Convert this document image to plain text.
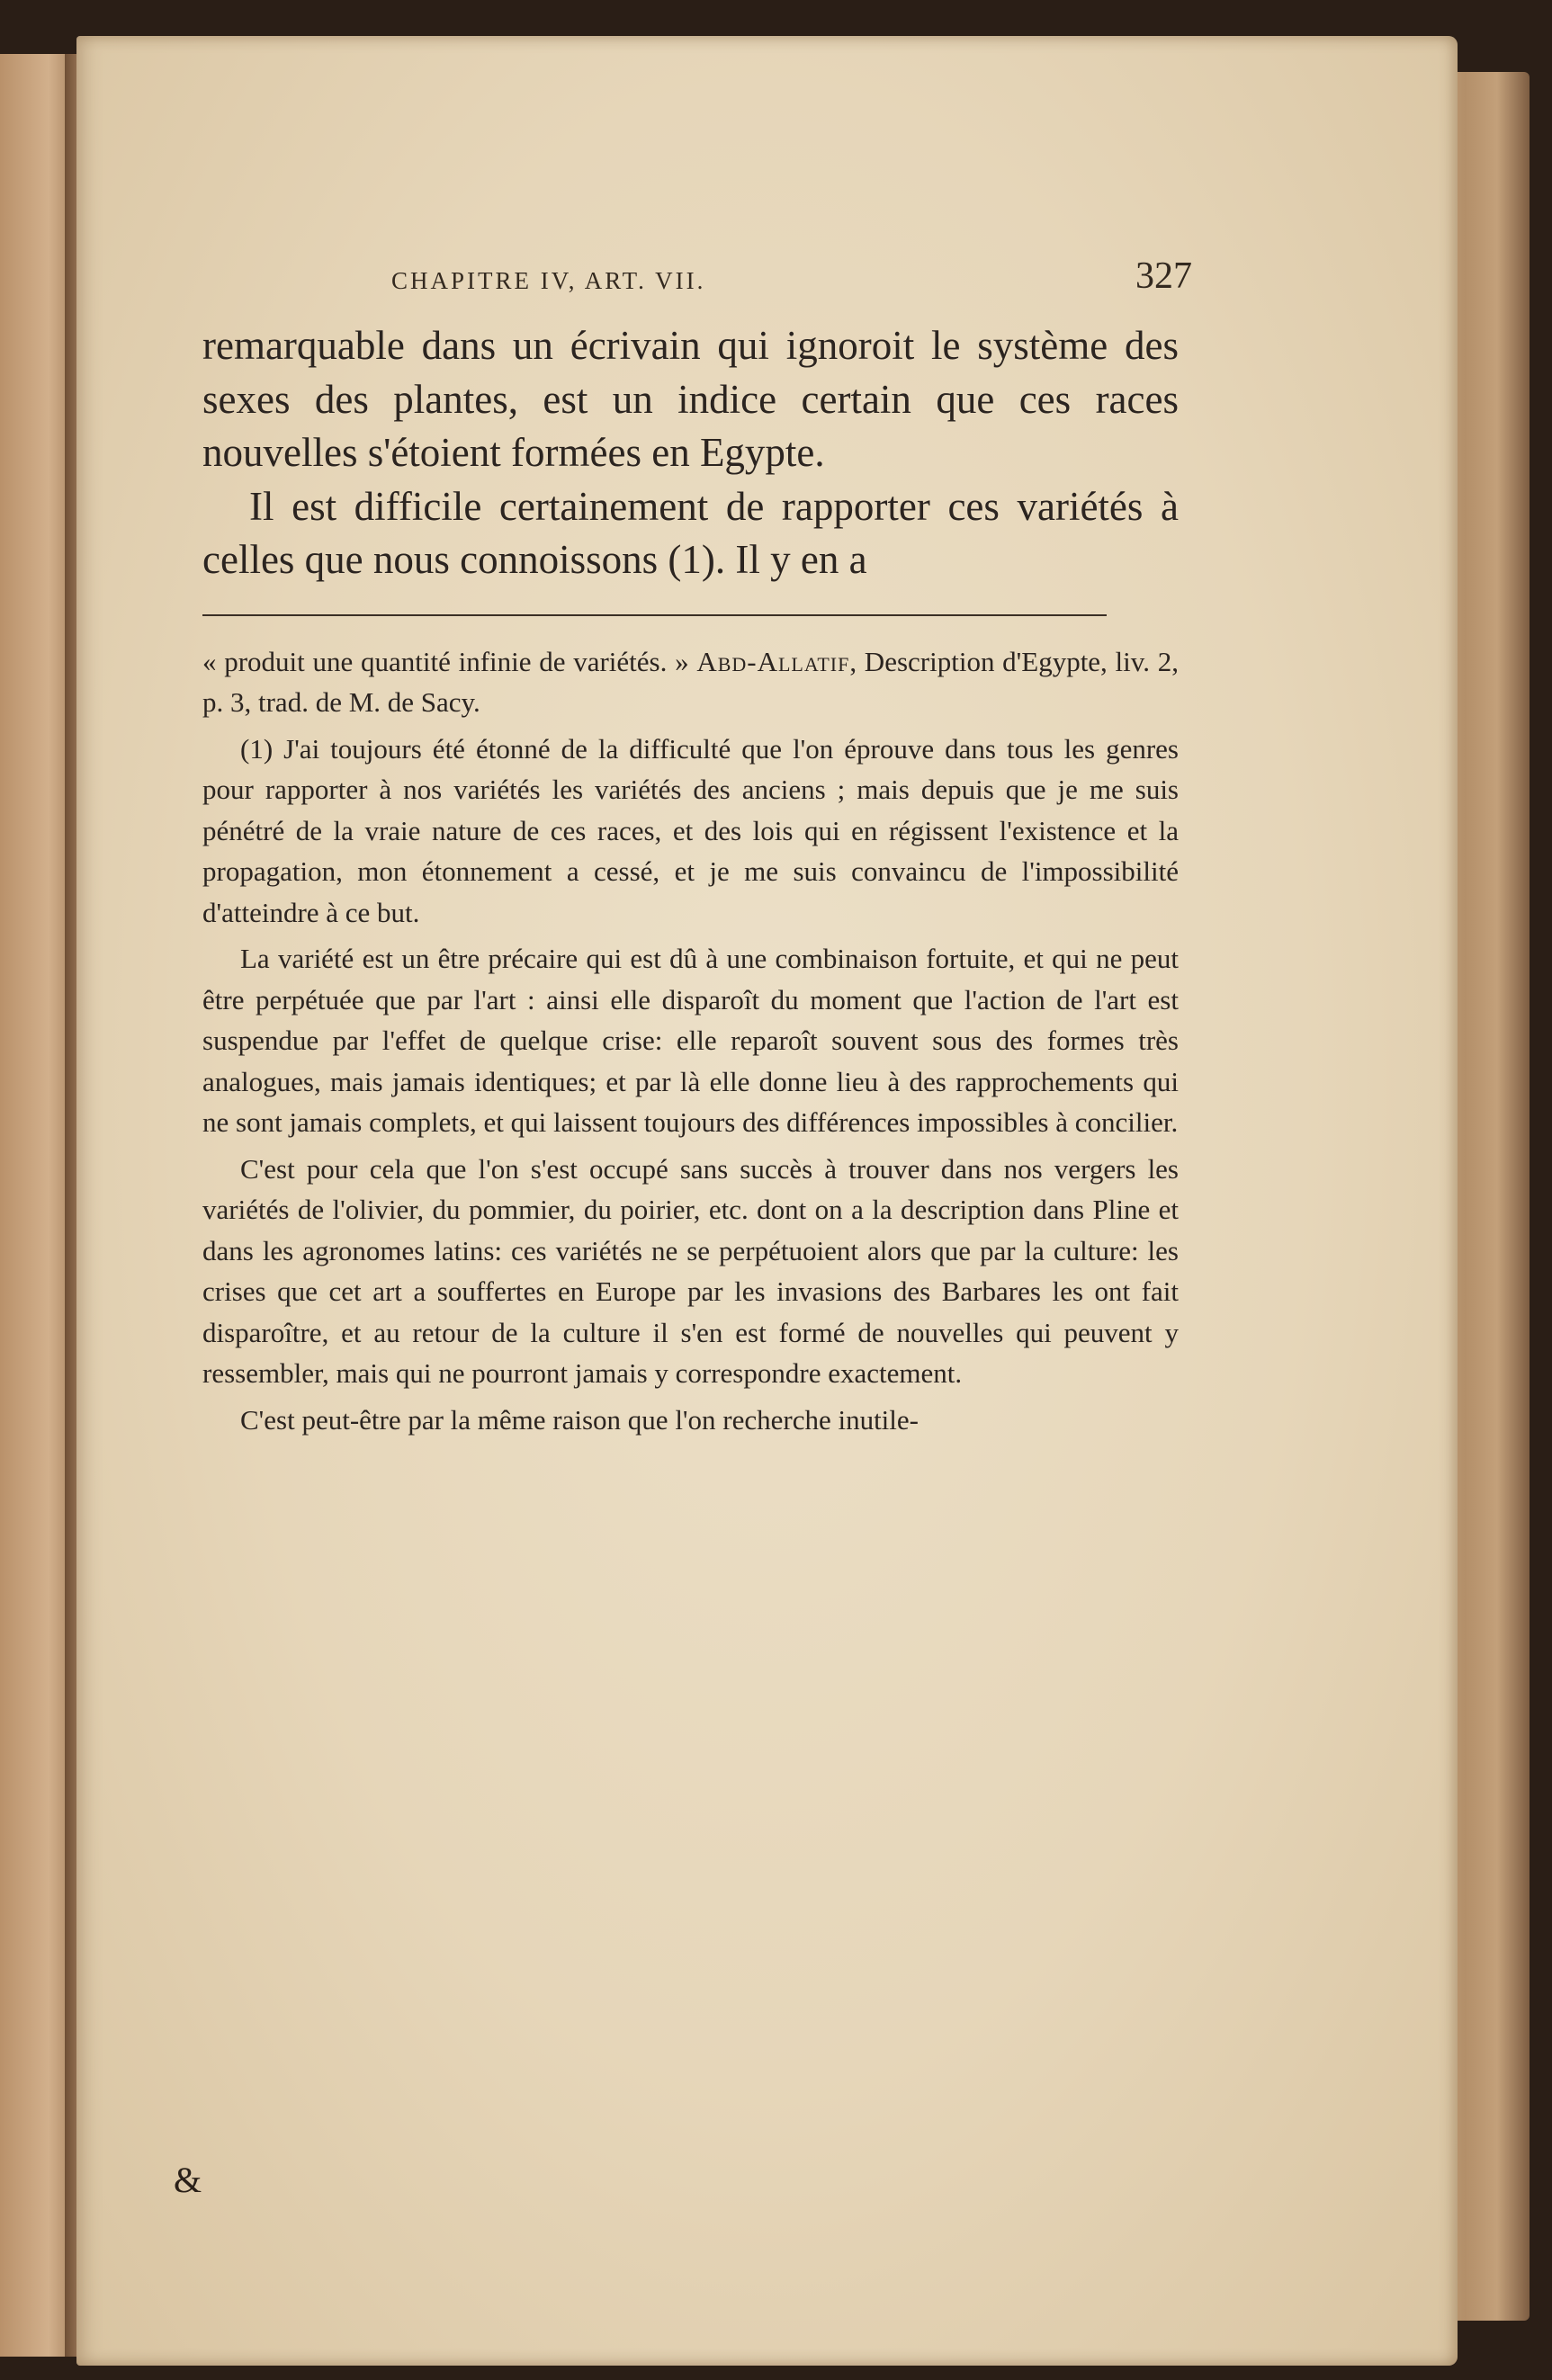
CHAPITRE IV, ART. VII.	327

remarquable dans un écrivain qui ignoroit le système des sexes des plantes, est un indice certain que ces races nouvelles s'étoient formées en Egypte.

Il est difficile certainement de rapporter ces variétés à celles que nous connoissons (1). Il y en a

« produit une quantité infinie de variétés. » Abd-Allatif, Description d'Egypte, liv. 2, p. 3, trad. de M. de Sacy.

(1) J'ai toujours été étonné de la difficulté que l'on éprouve dans tous les genres pour rapporter à nos variétés les variétés des anciens ; mais depuis que je me suis pénétré de la vraie nature de ces races, et des lois qui en régissent l'existence et la propagation, mon étonnement a cessé, et je me suis convaincu de l'impossibilité d'atteindre à ce but.

La variété est un être précaire qui est dû à une combinaison fortuite, et qui ne peut être perpétuée que par l'art : ainsi elle disparoît du moment que l'action de l'art est suspendue par l'effet de quelque crise: elle reparoît souvent sous des formes très analogues, mais jamais identiques; et par là elle donne lieu à des rapprochements qui ne sont jamais complets, et qui laissent toujours des différences impossibles à concilier.

C'est pour cela que l'on s'est occupé sans succès à trouver dans nos vergers les variétés de l'olivier, du pommier, du poirier, etc. dont on a la description dans Pline et dans les agronomes latins: ces variétés ne se perpétuoient alors que par la culture: les crises que cet art a souffertes en Europe par les invasions des Barbares les ont fait disparoître, et au retour de la culture il s'en est formé de nouvelles qui peuvent y ressembler, mais qui ne pourront jamais y correspondre exactement.

C'est peut-être par la même raison que l'on recherche inutile-

&
